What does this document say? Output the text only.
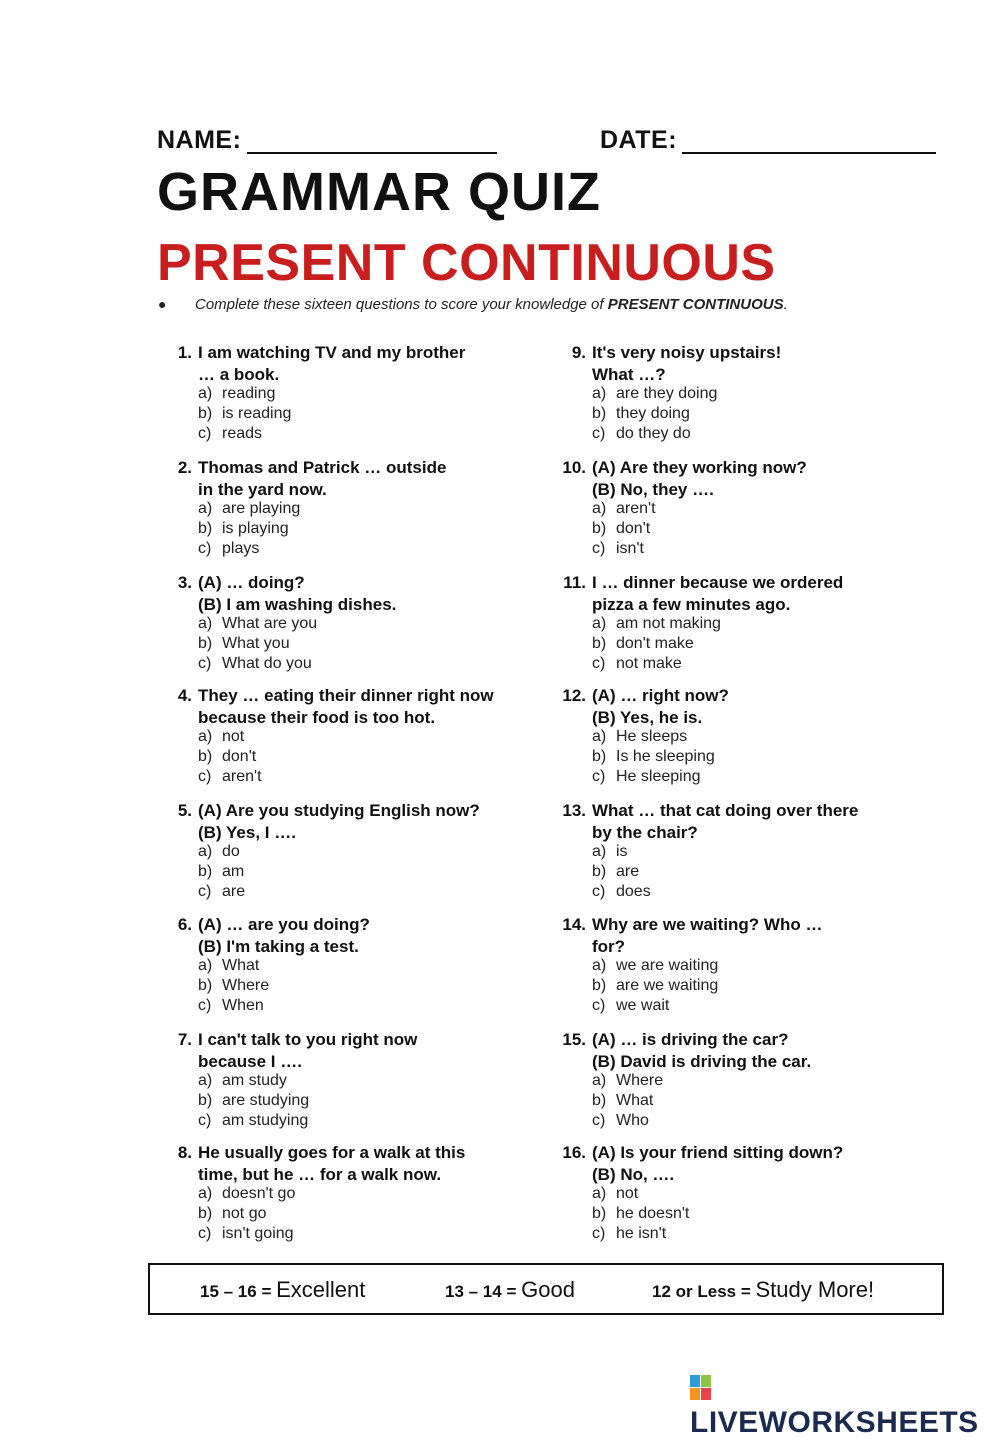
NAME:	DATE:
GRAMMAR QUIZ
PRESENT CONTINUOUS
● Complete these sixteen questions to score your knowledge of PRESENT CONTINUOUS.
1. I am watching TV and my brother
… a book.
a) reading
b) is reading
c) reads
2. Thomas and Patrick … outside
in the yard now.
a) are playing
b) is playing
c) plays
3. (A) … doing?
(B) I am washing dishes.
a) What are you
b) What you
c) What do you
4. They … eating their dinner right now
because their food is too hot.
a) not
b) don't
c) aren't
5. (A) Are you studying English now?
(B) Yes, I ….
a) do
b) am
c) are
6. (A) … are you doing?
(B) I'm taking a test.
a) What
b) Where
c) When
7. I can't talk to you right now
because I ….
a) am study
b) are studying
c) am studying
8. He usually goes for a walk at this
time, but he … for a walk now.
a) doesn't go
b) not go
c) isn't going
9. It's very noisy upstairs!
What …?
a) are they doing
b) they doing
c) do they do
10. (A) Are they working now?
(B) No, they ….
a) aren't
b) don't
c) isn't
11. I … dinner because we ordered
pizza a few minutes ago.
a) am not making
b) don't make
c) not make
12. (A) … right now?
(B) Yes, he is.
a) He sleeps
b) Is he sleeping
c) He sleeping
13. What … that cat doing over there
by the chair?
a) is
b) are
c) does
14. Why are we waiting? Who …
for?
a) we are waiting
b) are we waiting
c) we wait
15. (A) … is driving the car?
(B) David is driving the car.
a) Where
b) What
c) Who
16. (A) Is your friend sitting down?
(B) No, ….
a) not
b) he doesn't
c) he isn't
15 – 16 = Excellent	13 – 14 = Good	12 or Less = Study More!
LIVEWORKSHEETS
